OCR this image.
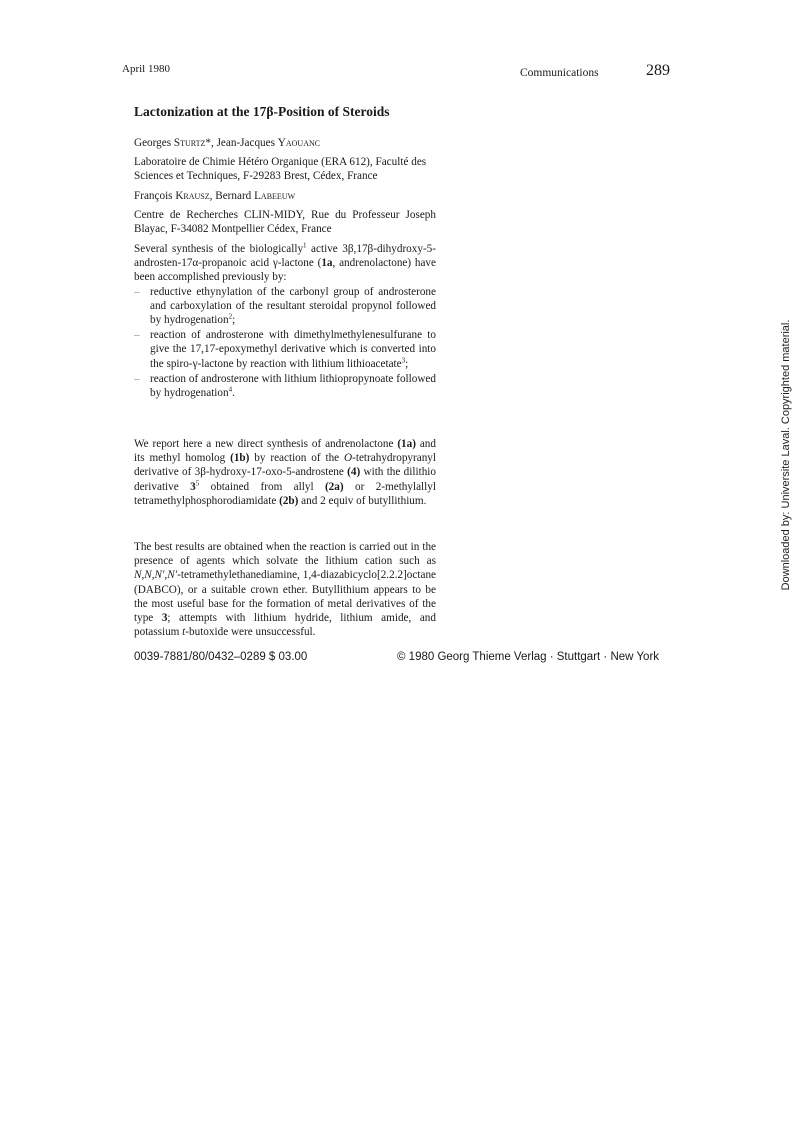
April 1980	Communications	289
Lactonization at the 17β-Position of Steroids
Georges Sturtz*, Jean-Jacques Yaouanc
Laboratoire de Chimie Hétéro Organique (ERA 612), Faculté des Sciences et Techniques, F-29283 Brest, Cédex, France
François Krausz, Bernard Labeeuw
Centre de Recherches CLIN-MIDY, Rue du Professeur Joseph Blayac, F-34082 Montpellier Cédex, France

Several synthesis of the biologically$^1$ active 3β,17β-dihydroxy-5-androsten-17α-propanoic acid γ-lactone (1a, andrenolactone) have been accomplished previously by:

– reductive ethynylation of the carbonyl group of androsterone and carboxylation of the resultant steroidal propynol followed by hydrogenation$^2$;
– reaction of androsterone with dimethylmethylenesulfurane to give the 17,17-epoxymethyl derivative which is converted into the spiro-γ-lactone by reaction with lithium lithioacetate$^3$;
– reaction of androsterone with lithium lithiopropynoate followed by hydrogenation$^4$.
We report here a new direct synthesis of andrenolactone (1a) and its methyl homolog (1b) by reaction of the O-tetrahydropyranyl derivative of 3β-hydroxy-17-oxo-5-androstene (4) with the dilithio derivative $3^5$ obtained from allyl (2a) or 2-methylallyl tetramethylphosphorodiamidate (2b) and 2 equiv of butyllithium.
The best results are obtained when the reaction is carried out in the presence of agents which solvate the lithium cation such as N,N,N′,N′-tetramethylethanediamine, 1,4-diazabicyclo[2.2.2]octane (DABCO), or a suitable crown ether. Butyllithium appears to be the most useful base for the formation of metal derivatives of the type 3; attempts with lithium hydride, lithium amide, and potassium t-butoxide were unsuccessful.
0039-7881/80/0432–0289 $ 03.00	© 1980 Georg Thieme Verlag · Stuttgart · New York
Downloaded by: Universite Laval. Copyrighted material.
